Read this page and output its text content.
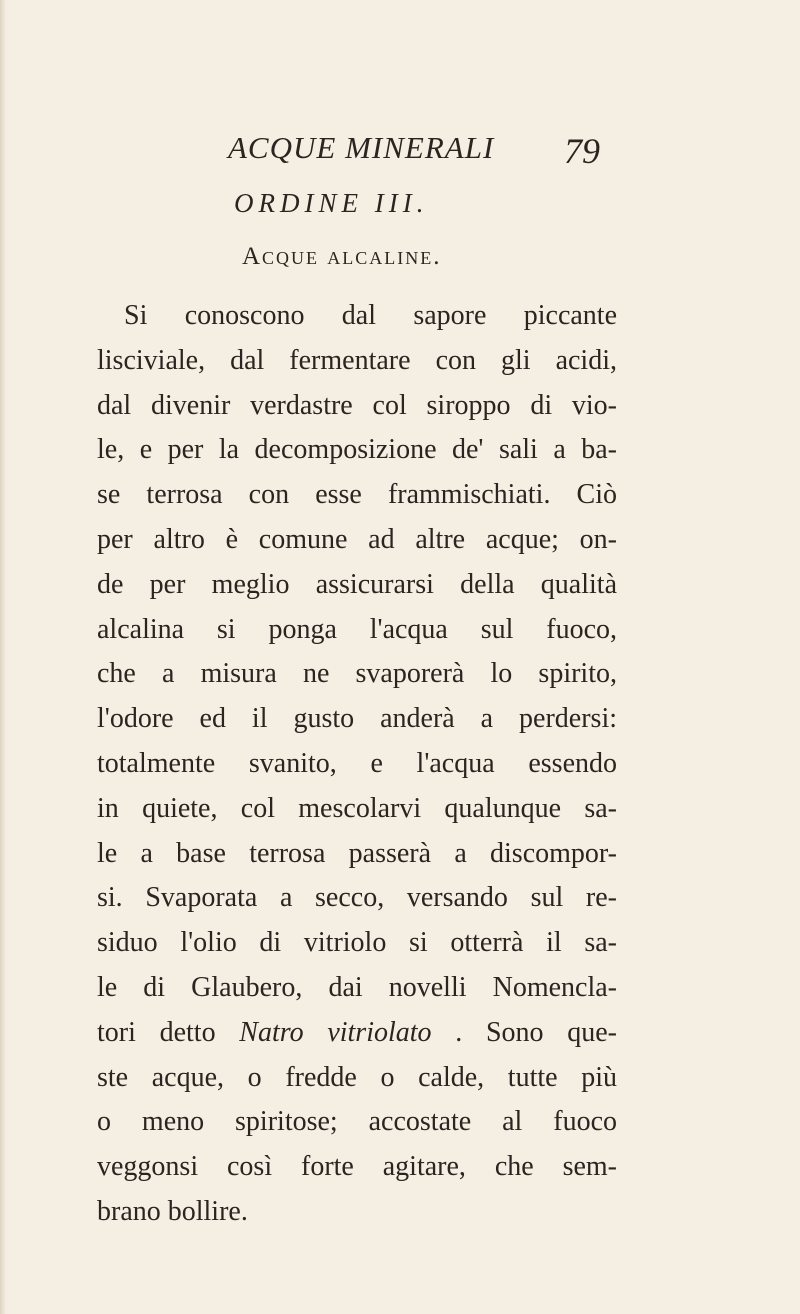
ACQUE MINERALI 79
ORDINE III.
Acque alcaline.
Si conoscono dal sapore piccante
lisciviale, dal fermentare con gli acidi,
dal divenir verdastre col siroppo di vio-
le, e per la decomposizione de' sali a ba-
se terrosa con esse frammischiati. Ciò
per altro è comune ad altre acque; on-
de per meglio assicurarsi della qualità
alcalina si ponga l'acqua sul fuoco,
che a misura ne svaporerà lo spirito,
l'odore ed il gusto anderà a perdersi:
totalmente svanito, e l'acqua essendo
in quiete, col mescolarvi qualunque sa-
le a base terrosa passerà a discompor-
si. Svaporata a secco, versando sul re-
siduo l'olio di vitriolo si otterrà il sa-
le di Glaubero, dai novelli Nomencla-
tori detto Natro vitriolato . Sono que-
ste acque, o fredde o calde, tutte più
o meno spiritose; accostate al fuoco
veggonsi così forte agitare, che sem-
brano bollire.
